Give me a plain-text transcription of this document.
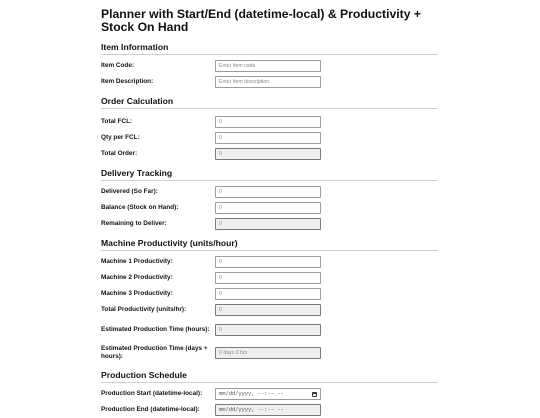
Planner with Start/End (datetime-local) & Productivity + Stock On Hand
Item Information
Item Code:	Enter item code
Item Description:	Enter item description
Order Calculation
Total FCL:	0
Qty per FCL:	0
Total Order:	0
Delivery Tracking
Delivered (So Far):	0
Balance (Stock on Hand):	0
Remaining to Deliver:	0
Machine Productivity (units/hour)
Machine 1 Productivity:	0
Machine 2 Productivity:	0
Machine 3 Productivity:	0
Total Productivity (units/hr):	0
Estimated Production Time (hours):	0
Estimated Production Time (days + hours):	0 days 0 hrs
Production Schedule
Production Start (datetime-local):	mm/dd/yyyy, --:-- --
Production End (datetime-local):	mm/dd/yyyy, --:-- --
